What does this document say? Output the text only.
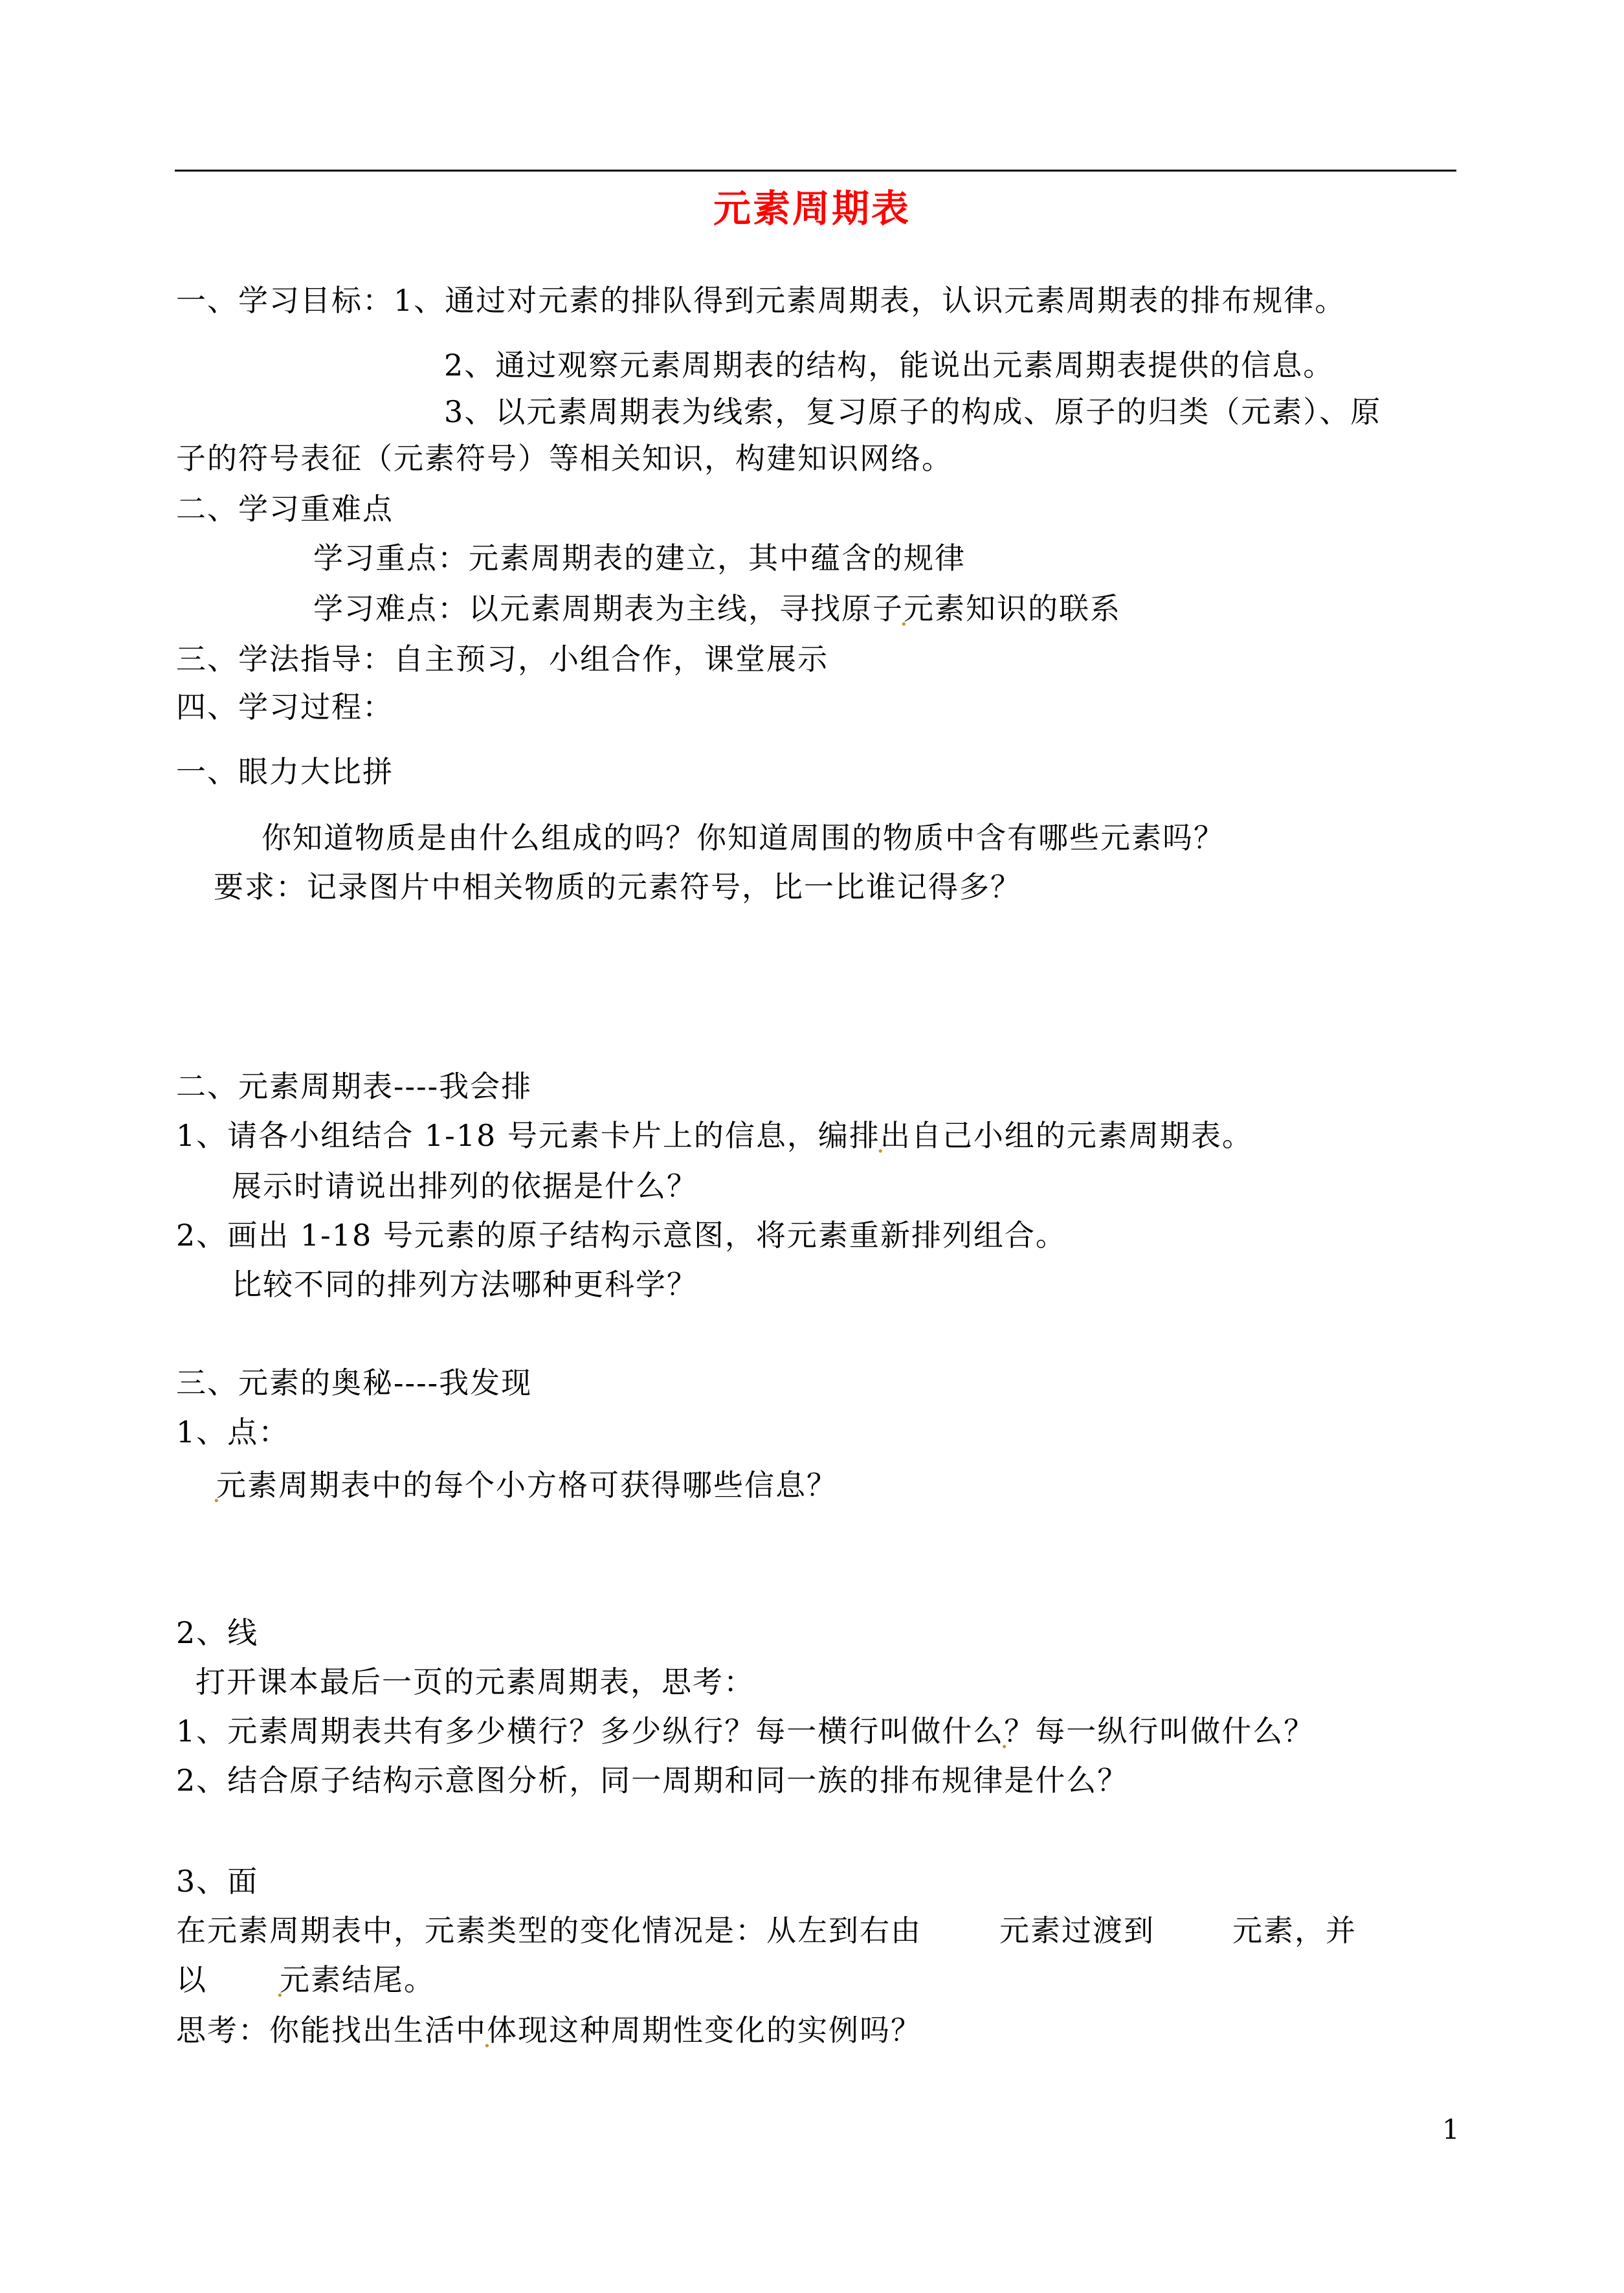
元素周期表
一、学习目标：1、通过对元素的排队得到元素周期表，认识元素周期表的排布规律。
2、通过观察元素周期表的结构，能说出元素周期表提供的信息。
3、以元素周期表为线索，复习原子的构成、原子的归类（元素）、原
子的符号表征（元素符号）等相关知识，构建知识网络。
二、学习重难点
学习重点：元素周期表的建立，其中蕴含的规律
学习难点：以元素周期表为主线，寻找原子元素知识的联系 .
三、学法指导：自主预习，小组合作，课堂展示
四、学习过程：
一、眼力大比拼
你知道物质是由什么组成的吗？你知道周围的物质中含有哪些元素吗？
要求：记录图片中相关物质的元素符号，比一比谁记得多？
二、元素周期表----我会排
1、请各小组结合 1-18 号元素卡片上的信息，编排出自己小组的元素周期表。 .
展示时请说出排列的依据是什么？
2、画出 1-18 号元素的原子结构示意图，将元素重新排列组合。
比较不同的排列方法哪种更科学？
三、元素的奥秘----我发现
1、点：
元素周期表中的每个小方格可获得哪些信息？ .
2、线
打开课本最后一页的元素周期表，思考：
1、元素周期表共有多少横行？多少纵行？每一横行叫做什么？每一纵行叫做什么？ .
2、结合原子结构示意图分析，同一周期和同一族的排布规律是什么？
3、面
在元素周期表中，元素类型的变化情况是：从左到右由	元素过渡到	元素，并
以 元素结尾。 .
思考：你能找出生活中体现这种周期性变化的实例吗？ .
1
